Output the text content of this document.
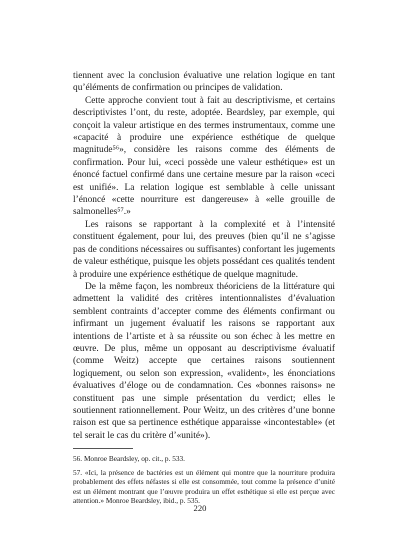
tiennent avec la conclusion évaluative une relation logique en tant qu’éléments de confirmation ou principes de validation.

Cette approche convient tout à fait au descriptivisme, et certains descriptivistes l’ont, du reste, adoptée. Beardsley, par exemple, qui conçoit la valeur artistique en des termes instrumentaux, comme une «capacité à produire une expérience esthétique de quelque magnitude⁵⁶», considère les raisons comme des éléments de confirmation. Pour lui, «ceci possède une valeur esthétique» est un énoncé factuel confirmé dans une certaine mesure par la raison «ceci est unifié». La relation logique est semblable à celle unissant l’énoncé «cette nourriture est dangereuse» à «elle grouille de salmonelles⁵⁷.»

Les raisons se rapportant à la complexité et à l’intensité constituent également, pour lui, des preuves (bien qu’il ne s’agisse pas de conditions nécessaires ou suffisantes) confortant les jugements de valeur esthétique, puisque les objets possédant ces qualités tendent à produire une expérience esthétique de quelque magnitude.

De la même façon, les nombreux théoriciens de la littérature qui admettent la validité des critères intentionnalistes d’évaluation semblent contraints d’accepter comme des éléments confirmant ou infirmant un jugement évaluatif les raisons se rapportant aux intentions de l’artiste et à sa réussite ou son échec à les mettre en œuvre. De plus, même un opposant au descriptivisme évaluatif (comme Weitz) accepte que certaines raisons soutiennent logiquement, ou selon son expression, «valident», les énonciations évaluatives d’éloge ou de condamnation. Ces «bonnes raisons» ne constituent pas une simple présentation du verdict; elles le soutiennent rationnellement. Pour Weitz, un des critères d’une bonne raison est que sa pertinence esthétique apparaisse «incontestable» (et tel serait le cas du critère d’«unité»).

56. Monroe Beardsley, op. cit., p. 533.

57. «Ici, la présence de bactéries est un élément qui montre que la nourriture produira probablement des effets néfastes si elle est consommée, tout comme la présence d’unité est un élément montrant que l’œuvre produira un effet esthétique si elle est perçue avec attention.» Monroe Beardsley, ibid., p. 535.

220
